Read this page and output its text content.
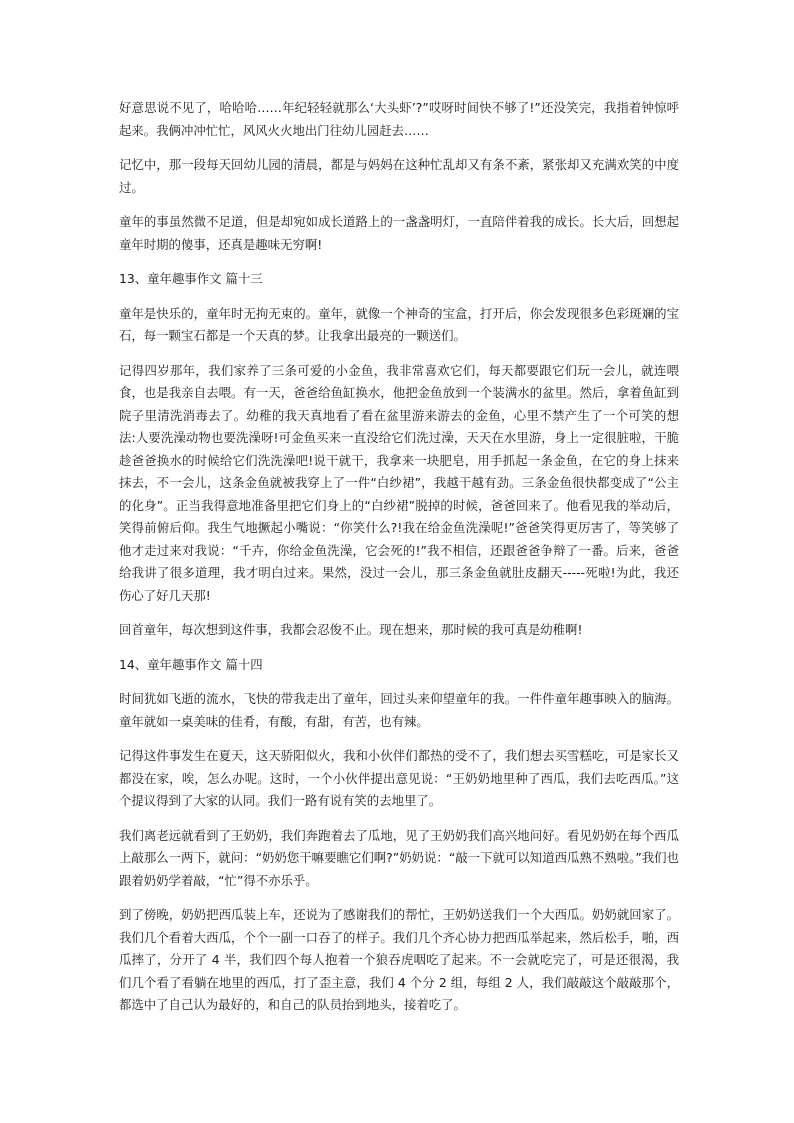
好意思说不见了，哈哈哈……年纪轻轻就那么‘大头虾’?”哎呀时间快不够了!”还没笑完，我指着钟惊呼起来。我俩冲冲忙忙，风风火火地出门往幼儿园赶去……

记忆中，那一段每天回幼儿园的清晨，都是与妈妈在这种忙乱却又有条不紊，紧张却又充满欢笑的中度过。

童年的事虽然微不足道，但是却宛如成长道路上的一盏盏明灯，一直陪伴着我的成长。长大后，回想起童年时期的傻事，还真是趣味无穷啊!

13、童年趣事作文 篇十三

童年是快乐的，童年时无拘无束的。童年，就像一个神奇的宝盒，打开后，你会发现很多色彩斑斓的宝石，每一颗宝石都是一个天真的梦。让我拿出最亮的一颗送们。

记得四岁那年，我们家养了三条可爱的小金鱼，我非常喜欢它们，每天都要跟它们玩一会儿，就连喂食，也是我亲自去喂。有一天，爸爸给鱼缸换水，他把金鱼放到一个装满水的盆里。然后，拿着鱼缸到院子里清洗消毒去了。幼稚的我天真地看了看在盆里游来游去的金鱼，心里不禁产生了一个可笑的想法:人要洗澡动物也要洗澡呀!可金鱼买来一直没给它们洗过澡，天天在水里游，身上一定很脏啦，干脆趁爸爸换水的时候给它们洗洗澡吧!说干就干，我拿来一块肥皂，用手抓起一条金鱼，在它的身上抹来抹去，不一会儿，这条金鱼就被我穿上了一件“白纱裙”，我越干越有劲。三条金鱼很快都变成了“公主的化身”。正当我得意地准备里把它们身上的“白纱裙”脱掉的时候，爸爸回来了。他看见我的举动后，笑得前俯后仰。我生气地撅起小嘴说：“你笑什么?!我在给金鱼洗澡呢!”爸爸笑得更厉害了，等笑够了他才走过来对我说：“千卉，你给金鱼洗澡，它会死的!”我不相信，还跟爸爸争辩了一番。后来，爸爸给我讲了很多道理，我才明白过来。果然，没过一会儿，那三条金鱼就肚皮翻天-----死啦!为此，我还伤心了好几天那!

回首童年，每次想到这件事，我都会忍俊不止。现在想来，那时候的我可真是幼稚啊!

14、童年趣事作文 篇十四

时间犹如飞逝的流水，飞快的带我走出了童年，回过头来仰望童年的我。一件件童年趣事映入的脑海。童年就如一桌美味的佳肴，有酸，有甜，有苦，也有辣。

记得这件事发生在夏天，这天骄阳似火，我和小伙伴们都热的受不了，我们想去买雪糕吃，可是家长又都没在家，唉，怎么办呢。这时，一个小伙伴提出意见说：“王奶奶地里种了西瓜，我们去吃西瓜。”这个提议得到了大家的认同。我们一路有说有笑的去地里了。

我们离老远就看到了王奶奶，我们奔跑着去了瓜地，见了王奶奶我们高兴地问好。看见奶奶在每个西瓜上敲那么一两下，就问：“奶奶您干嘛要瞧它们啊?”奶奶说：“敲一下就可以知道西瓜熟不熟啦。”我们也跟着奶奶学着敲，“忙”得不亦乐乎。

到了傍晚，奶奶把西瓜装上车，还说为了感谢我们的帮忙，王奶奶送我们一个大西瓜。奶奶就回家了。我们几个看着大西瓜，个个一副一口吞了的样子。我们几个齐心协力把西瓜举起来，然后松手，啪，西瓜摔了，分开了 4 半，我们四个每人抱着一个狼吞虎咽吃了起来。不一会就吃完了，可是还很渴，我们几个看了看躺在地里的西瓜，打了歪主意，我们 4 个分 2 组，每组 2 人，我们敲敲这个敲敲那个，都选中了自己认为最好的，和自己的队员抬到地头，接着吃了。
